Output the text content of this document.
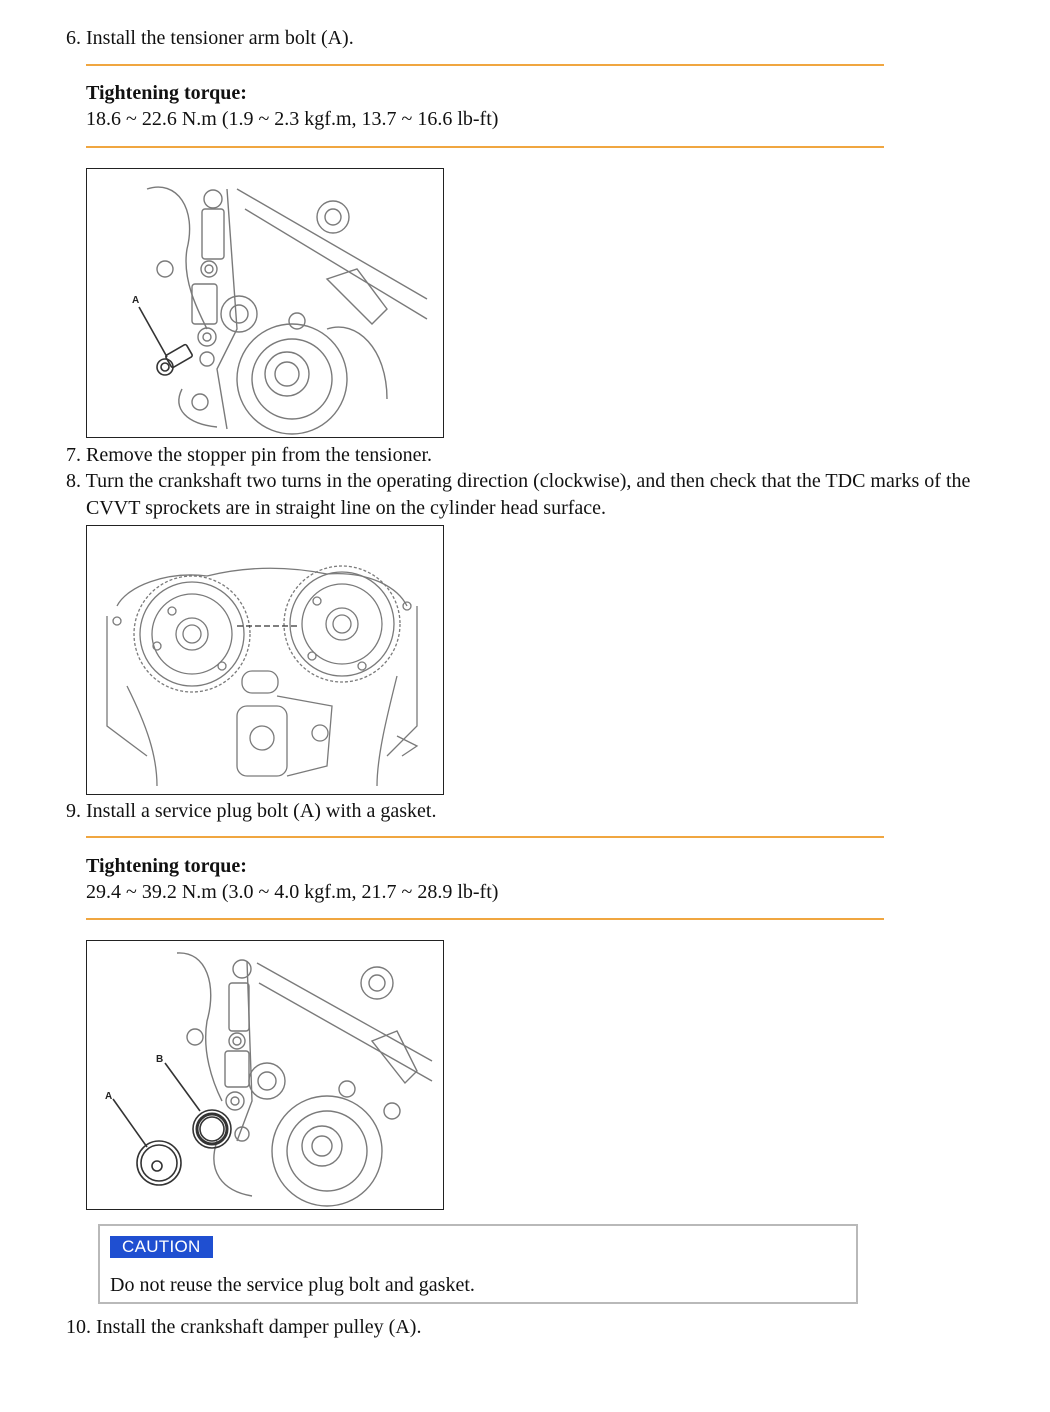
6. Install the tensioner arm bolt (A).
Tightening torque:
18.6 ~ 22.6 N.m (1.9 ~ 2.3 kgf.m, 13.7 ~ 16.6 lb-ft)
A
7. Remove the stopper pin from the tensioner.
8. Turn the crankshaft two turns in the operating direction (clockwise), and then check that the TDC marks of the
CVVT sprockets are in straight line on the cylinder head surface.
9. Install a service plug bolt (A) with a gasket.
Tightening torque:
29.4 ~ 39.2 N.m (3.0 ~ 4.0 kgf.m, 21.7 ~ 28.9 lb-ft)
B
A
CAUTION
Do not reuse the service plug bolt and gasket.
10. Install the crankshaft damper pulley (A).
